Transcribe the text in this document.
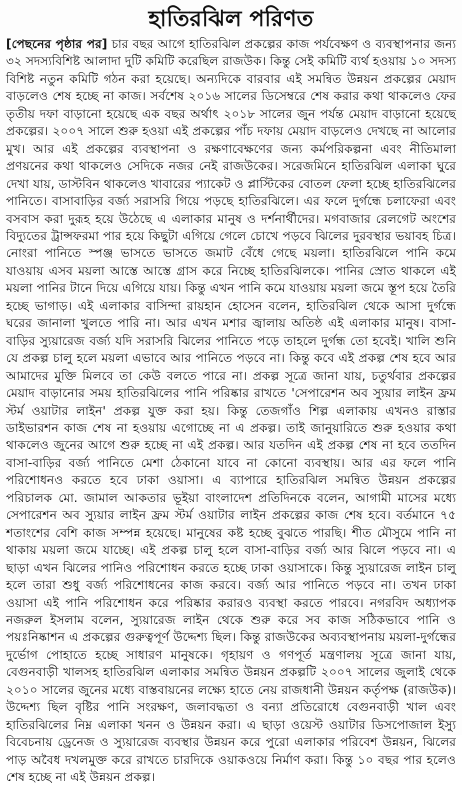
হাতিরঝিল পরিণত

[পেছনের পৃষ্ঠার পর] চার বছর আগে হাতিরঝিল প্রকল্পের কাজ পর্যবেক্ষণ ও ব্যবস্থাপনার জন্য ৩২ সদস্যবিশিষ্ট আলাদা দুটি কমিটি করেছিল রাজউক। কিন্তু সেই কমিটি ব্যর্থ হওয়ায় ১০ সদস্য বিশিষ্ট নতুন কমিটি গঠন করা হয়েছে। অন্যদিকে বারবার এই সমন্বিত উন্নয়ন প্রকল্পের মেয়াদ বাড়লেও শেষ হচ্ছে না কাজ। সর্বশেষ ২০১৬ সালের ডিসেম্বরে শেষ করার কথা থাকলেও ফের তৃতীয় দফা বাড়ানো হয়েছে এক বছর অর্থাৎ ২০১৮ সালের জুন পর্যন্ত মেয়াদ বাড়ানো হয়েছে প্রকল্পের। ২০০৭ সালে শুরু হওয়া এই প্রকল্পের পাঁচ দফায় মেয়াদ বাড়লেও দেখছে না আলোর মুখ। আর এই প্রকল্পের ব্যবস্থাপনা ও রক্ষণাবেক্ষণের জন্য কর্মপরিকল্পনা এবং নীতিমালা প্রণয়নের কথা থাকলেও সেদিকে নজর নেই রাজউকের। সরেজমিনে হাতিরঝিল এলাকা ঘুরে দেখা যায়, ডাস্টবিন থাকলেও খাবারের প্যাকেট ও প্লাস্টিকের বোতল ফেলা হচ্ছে হাতিরঝিলের পানিতে। বাসাবাড়ির বর্জ্য সরাসরি গিয়ে পড়ছে হাতিরঝিলে। এর ফলে দুর্গন্ধে চলাফেরা এবং বসবাস করা দুরূহ হয়ে উঠেছে এ এলাকার মানুষ ও দর্শনার্থীদের। মগবাজার রেলগেট অংশের বিদ্যুতের ট্রান্সফরমা পার হয়ে কিছুটা এগিয়ে গেলে চোখে পড়বে ঝিলের দুরবস্থার ভয়াবহ চিত্র। নোংরা পানিতে স্পঞ্জ ভাসতে ভাসতে জমাট বেঁধে গেছে ময়লা। হাতিরঝিলে পানি কমে যাওয়ায় এসব ময়লা আস্তে আস্তে গ্রাস করে নিচ্ছে হাতিরঝিলকে। পানির স্রোত থাকলে এই ময়লা পানির টানে দিয়ে এগিয়ে যায়। কিন্তু এখন পানি কমে যাওয়ায় ময়লা জমে স্তূপ হয়ে তৈরি হচ্ছে ভাগাড়। এই এলাকার বাসিন্দা রায়হান হোসেন বলেন, হাতিরঝিল থেকে আসা দুর্গন্ধে ঘরের জানালা খুলতে পারি না। আর এখন মশার জ্বালায় অতিষ্ঠ এই এলাকার মানুষ। বাসা-বাড়ির স্যুয়ারেজ বর্জ্য যদি সরাসরি ঝিলের পানিতে পড়ে তাহলে দুর্গন্ধ তো হবেই। খালি শুনি যে প্রকল্প চালু হলে ময়লা এভাবে আর পানিতে পড়বে না। কিন্তু কবে এই প্রকল্প শেষ হবে আর আমাদের মুক্তি মিলবে তা কেউ বলতে পারে না। প্রকল্প সূত্রে জানা যায়, চতুর্থবার প্রকল্পের মেয়াদ বাড়ানোর সময় হাতিরঝিলের পানি পরিষ্কার রাখতে 'সেপারেশন অব স্যুয়ার লাইন ফ্রম স্টর্ম ওয়াটার লাইন' প্রকল্প যুক্ত করা হয়। কিন্তু তেজগাঁও শিল্প এলাকায় এখনও রাস্তার ডাইভারশন কাজ শেষ না হওয়ায় এগোচ্ছে না এ প্রকল্প। তাই জানুয়ারিতে শুরু হওয়ার কথা থাকলেও জুনের আগে শুরু হচ্ছে না এই প্রকল্প। আর যতদিন এই প্রকল্প শেষ না হবে ততদিন বাসা-বাড়ির বর্জ্য পানিতে মেশা ঠেকানো যাবে না কোনো ব্যবস্থায়। আর এর ফলে পানি পরিশোধনও করতে হবে ঢাকা ওয়াসা। এ ব্যাপারে হাতিরঝিল সমন্বিত উন্নয়ন প্রকল্পের পরিচালক মো. জামাল আকতার ভূইয়া বাংলাদেশ প্রতিদিনকে বলেন, আগামী মাসের মধ্যে সেপারেশন অব স্যুয়ার লাইন ফ্রম স্টর্ম ওয়াটার লাইন প্রকল্পের কাজ শেষ হবে। বর্তমানে ৭৫ শতাংশের বেশি কাজ সম্পন্ন হয়েছে। মানুষের কষ্ট হচ্ছে বুঝতে পারছি। শীত মৌসুমে পানি না থাকায় ময়লা জমে যাচ্ছে। এই প্রকল্প চালু হলে বাসা-বাড়ির বর্জ্য আর ঝিলে পড়বে না। এ ছাড়া এখন ঝিলের পানিও পরিশোধন করতে হচ্ছে ঢাকা ওয়াসাকে। কিন্তু স্যুয়ারেজ লাইন চালু হলে তারা শুধু বর্জ্য পরিশোধনের কাজ করবে। বর্জ্য আর পানিতে পড়বে না। তখন ঢাকা ওয়াসা এই পানি পরিশোধন করে পরিষ্কার করারও ব্যবস্থা করতে পারবে। নগরবিদ অধ্যাপক নজরুল ইসলাম বলেন, স্যুয়ারেজ লাইন থেকে শুরু করে সব কাজ সঠিকভাবে পানি ও পয়ঃনিষ্কাশন এ প্রকল্পের গুরুত্বপূর্ণ উদ্দেশ্য ছিল। কিন্তু রাজউকের অব্যবস্থাপনায় ময়লা-দুর্গন্ধের দুর্ভোগ পোহাতে হচ্ছে সাধারণ মানুষকে। গৃহায়ণ ও গণপূর্ত মন্ত্রণালয় সূত্রে জানা যায়, বেগুনবাড়ী খালসহ হাতিরঝিল এলাকার সমন্বিত উন্নয়ন প্রকল্পটি ২০০৭ সালের জুলাই থেকে ২০১০ সালের জুনের মধ্যে বাস্তবায়নের লক্ষ্যে হাতে নেয় রাজধানী উন্নয়ন কর্তৃপক্ষ (রাজউক)। উদ্দেশ্য ছিল বৃষ্টির পানি সংরক্ষণ, জলাবদ্ধতা ও বন্যা প্রতিরোধে বেগুনবাড়ী খাল এবং হাতিরঝিলের নিম্ন এলাকা খনন ও উন্নয়ন করা। এ ছাড়া ওয়েস্ট ওয়াটার ডিসপোজাল ইস্যু বিবেচনায় ড্রেনেজ ও স্যুয়ারেজ ব্যবস্থার উন্নয়ন করে পুরো এলাকার পরিবেশ উন্নয়ন, ঝিলের পাড় অবৈধ দখলমুক্ত করে রাখতে চারদিকে ওয়াকওয়ে নির্মাণ করা। কিন্তু ১০ বছর পার হলেও শেষ হচ্ছে না এই উন্নয়ন প্রকল্প।
